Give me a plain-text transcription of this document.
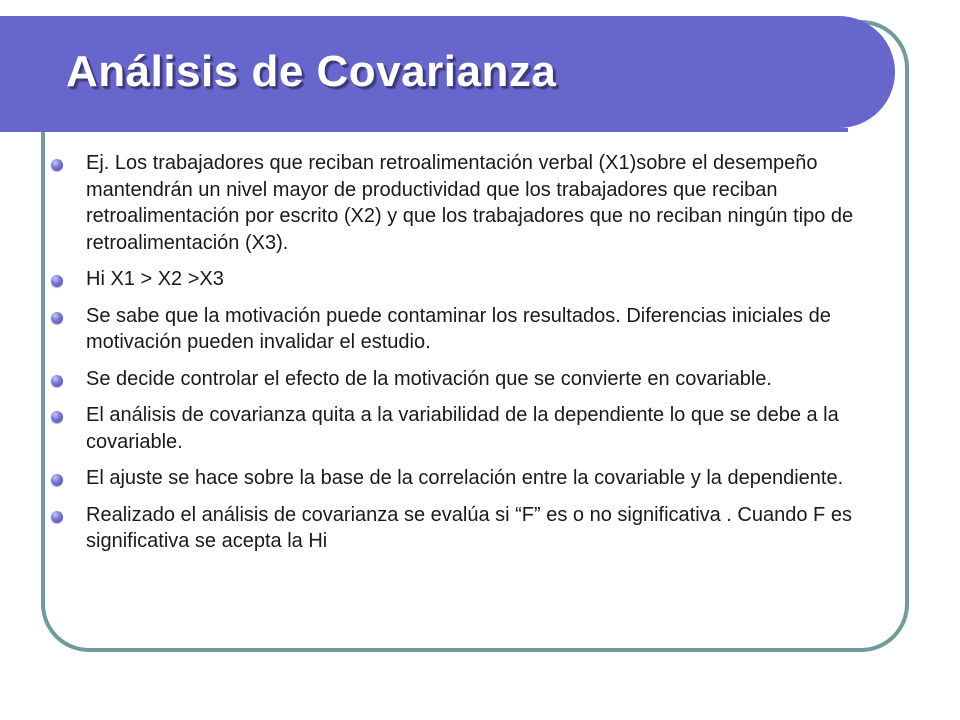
Análisis de Covarianza
Ej. Los trabajadores que reciban retroalimentación verbal (X1)sobre el desempeño mantendrán un nivel mayor de productividad que los trabajadores que reciban retroalimentación por escrito (X2) y que los trabajadores que no reciban ningún tipo de retroalimentación (X3).
Hi X1 > X2 >X3
Se sabe que la motivación puede contaminar los resultados. Diferencias iniciales de motivación pueden invalidar el estudio.
Se decide controlar el efecto de la motivación que se convierte en covariable.
El análisis de covarianza quita a la variabilidad de la dependiente lo que se debe a la covariable.
El ajuste se hace sobre la base de la correlación entre la covariable y la dependiente.
Realizado el análisis de covarianza se evalúa si “F” es o no significativa . Cuando F es significativa se acepta la Hi
